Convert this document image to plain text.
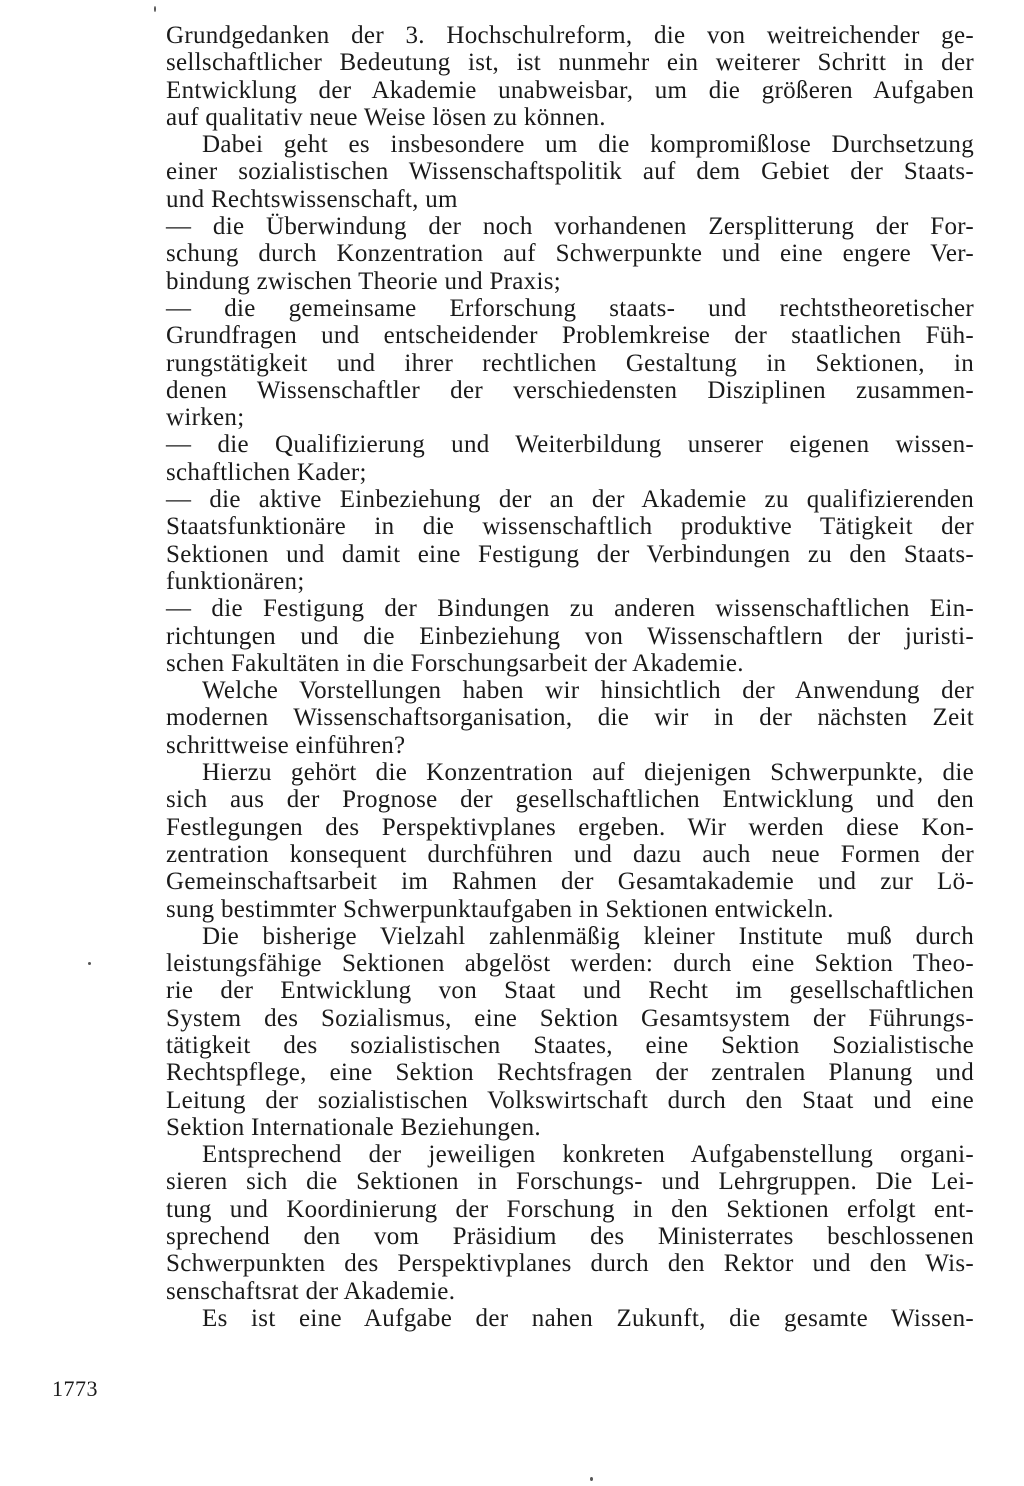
Grundgedanken der 3. Hochschulreform, die von weitreichender ge-
sellschaftlicher Bedeutung ist, ist nunmehr ein weiterer Schritt in der
Entwicklung der Akademie unabweisbar, um die größeren Aufgaben
auf qualitativ neue Weise lösen zu können.
Dabei geht es insbesondere um die kompromißlose Durchsetzung
einer sozialistischen Wissenschaftspolitik auf dem Gebiet der Staats-
und Rechtswissenschaft, um
— die Überwindung der noch vorhandenen Zersplitterung der For-
schung durch Konzentration auf Schwerpunkte und eine engere Ver-
bindung zwischen Theorie und Praxis;
— die gemeinsame Erforschung staats- und rechtstheoretischer
Grundfragen und entscheidender Problemkreise der staatlichen Füh-
rungstätigkeit und ihrer rechtlichen Gestaltung in Sektionen, in
denen Wissenschaftler der verschiedensten Disziplinen zusammen-
wirken;
— die Qualifizierung und Weiterbildung unserer eigenen wissen-
schaftlichen Kader;
— die aktive Einbeziehung der an der Akademie zu qualifizierenden
Staatsfunktionäre in die wissenschaftlich produktive Tätigkeit der
Sektionen und damit eine Festigung der Verbindungen zu den Staats-
funktionären;
— die Festigung der Bindungen zu anderen wissenschaftlichen Ein-
richtungen und die Einbeziehung von Wissenschaftlern der juristi-
schen Fakultäten in die Forschungsarbeit der Akademie.
Welche Vorstellungen haben wir hinsichtlich der Anwendung der
modernen Wissenschaftsorganisation, die wir in der nächsten Zeit
schrittweise einführen?
Hierzu gehört die Konzentration auf diejenigen Schwerpunkte, die
sich aus der Prognose der gesellschaftlichen Entwicklung und den
Festlegungen des Perspektivplanes ergeben. Wir werden diese Kon-
zentration konsequent durchführen und dazu auch neue Formen der
Gemeinschaftsarbeit im Rahmen der Gesamtakademie und zur Lö-
sung bestimmter Schwerpunktaufgaben in Sektionen entwickeln.
Die bisherige Vielzahl zahlenmäßig kleiner Institute muß durch
leistungsfähige Sektionen abgelöst werden: durch eine Sektion Theo-
rie der Entwicklung von Staat und Recht im gesellschaftlichen
System des Sozialismus, eine Sektion Gesamtsystem der Führungs-
tätigkeit des sozialistischen Staates, eine Sektion Sozialistische
Rechtspflege, eine Sektion Rechtsfragen der zentralen Planung und
Leitung der sozialistischen Volkswirtschaft durch den Staat und eine
Sektion Internationale Beziehungen.
Entsprechend der jeweiligen konkreten Aufgabenstellung organi-
sieren sich die Sektionen in Forschungs- und Lehrgruppen. Die Lei-
tung und Koordinierung der Forschung in den Sektionen erfolgt ent-
sprechend den vom Präsidium des Ministerrates beschlossenen
Schwerpunkten des Perspektivplanes durch den Rektor und den Wis-
senschaftsrat der Akademie.
Es ist eine Aufgabe der nahen Zukunft, die gesamte Wissen-
1773
